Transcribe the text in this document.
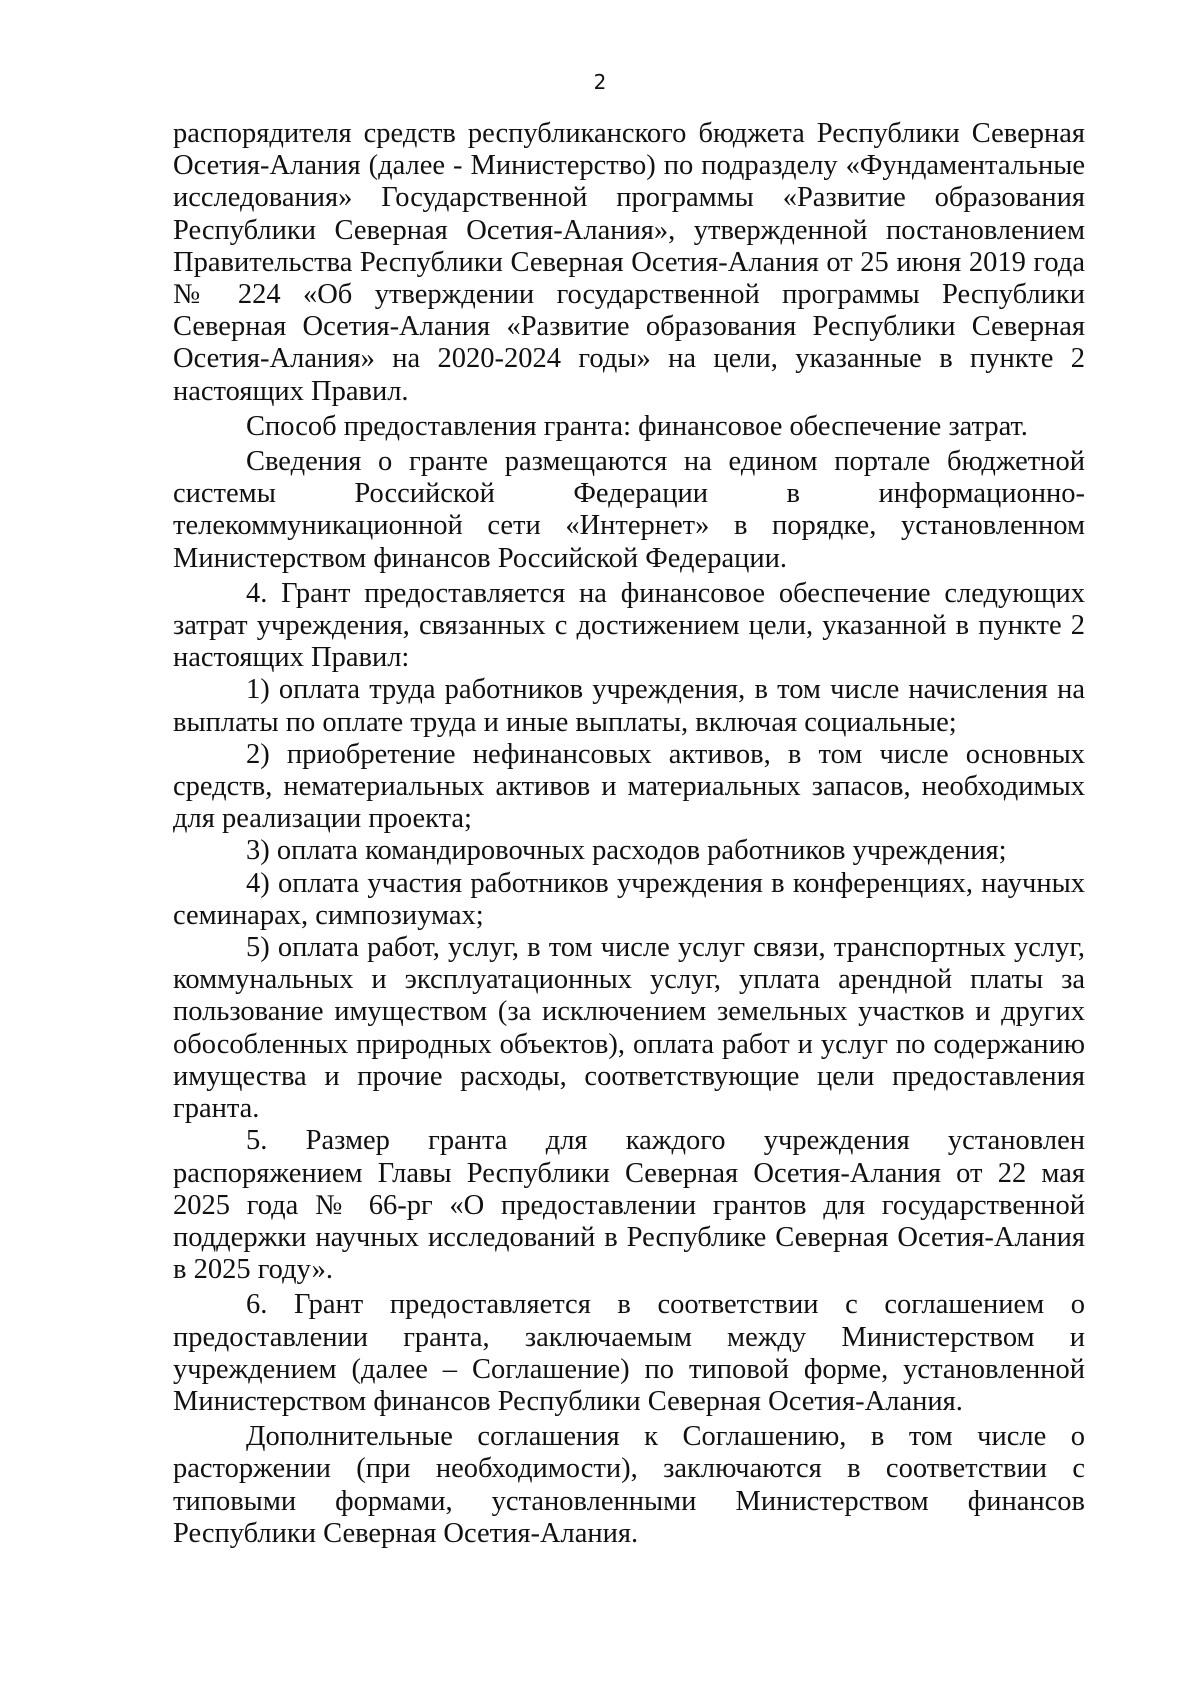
2

распорядителя средств республиканского бюджета Республики Северная Осетия-Алания (далее - Министерство) по подразделу «Фундаментальные исследования» Государственной программы «Развитие образования Республики Северная Осетия-Алания», утвержденной постановлением Правительства Республики Северная Осетия-Алания от 25 июня 2019 года № 224 «Об утверждении государственной программы Республики Северная Осетия-Алания «Развитие образования Республики Северная Осетия-Алания» на 2020-2024 годы» на цели, указанные в пункте 2 настоящих Правил.

Способ предоставления гранта: финансовое обеспечение затрат.

Сведения о гранте размещаются на едином портале бюджетной системы Российской Федерации в информационно-телекоммуникационной сети «Интернет» в порядке, установленном Министерством финансов Российской Федерации.

4. Грант предоставляется на финансовое обеспечение следующих затрат учреждения, связанных с достижением цели, указанной в пункте 2 настоящих Правил:

1) оплата труда работников учреждения, в том числе начисления на выплаты по оплате труда и иные выплаты, включая социальные;

2) приобретение нефинансовых активов, в том числе основных средств, нематериальных активов и материальных запасов, необходимых для реализации проекта;

3) оплата командировочных расходов работников учреждения;

4) оплата участия работников учреждения в конференциях, научных семинарах, симпозиумах;

5) оплата работ, услуг, в том числе услуг связи, транспортных услуг, коммунальных и эксплуатационных услуг, уплата арендной платы за пользование имуществом (за исключением земельных участков и других обособленных природных объектов), оплата работ и услуг по содержанию имущества и прочие расходы, соответствующие цели предоставления гранта.

5. Размер гранта для каждого учреждения установлен распоряжением Главы Республики Северная Осетия-Алания от 22 мая 2025 года № 66-рг «О предоставлении грантов для государственной поддержки научных исследований в Республике Северная Осетия-Алания в 2025 году».

6. Грант предоставляется в соответствии с соглашением о предоставлении гранта, заключаемым между Министерством и учреждением (далее – Соглашение) по типовой форме, установленной Министерством финансов Республики Северная Осетия-Алания.

Дополнительные соглашения к Соглашению, в том числе о расторжении (при необходимости), заключаются в соответствии с типовыми формами, установленными Министерством финансов Республики Северная Осетия-Алания.
